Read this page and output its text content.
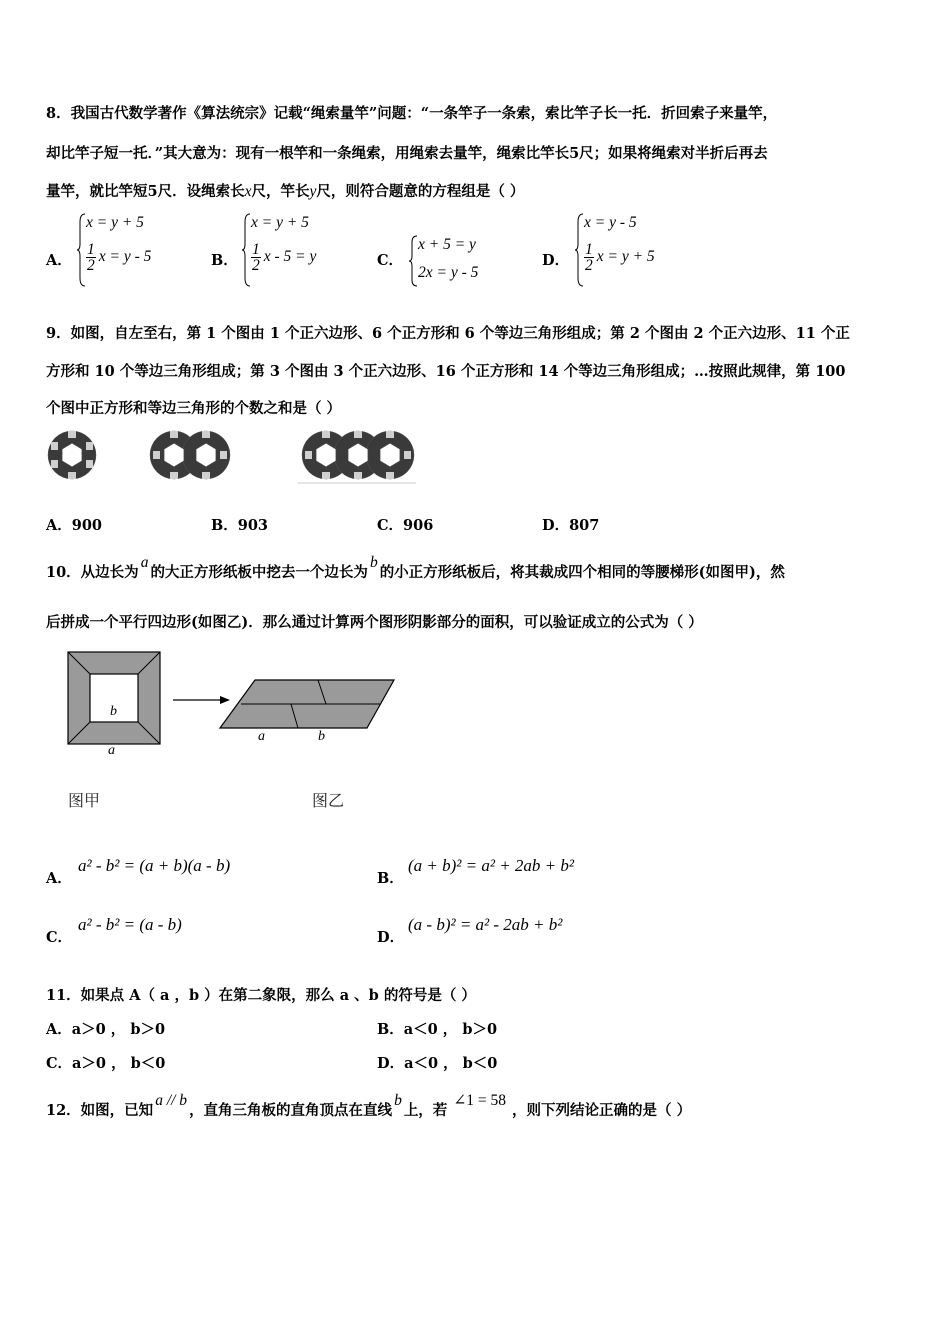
8．我国古代数学著作《算法统宗》记载“绳索量竿”问题：“一条竿子一条索，索比竿子长一托．折回索子来量竿，
却比竿子短一托．”其大意为：现有一根竿和一条绳索，用绳索去量竿，绳索比竿长5尺；如果将绳索对半折后再去
量竿，就比竿短5尺．设绳索长x尺，竿长y尺，则符合题意的方程组是（ ）
A．
x = y + 5
$\frac{1}{2}$ x = y - 5	B．
x = y + 5
$\frac{1}{2}$ x - 5 = y	C．
x + 5 = y
2x = y - 5
D．
x = y - 5
$\frac{1}{2}$ x = y + 5
9．如图，自左至右，第 1 个图由 1 个正六边形、6 个正方形和 6 个等边三角形组成；第 2 个图由 2 个正六边形、11 个正
方形和 10 个等边三角形组成；第 3 个图由 3 个正六边形、16 个正方形和 14 个等边三角形组成；…按照此规律，第 100
个图中正方形和等边三角形的个数之和是（ ）
A．900	B．903	C．906	D．807
10．从边长为a的大正方形纸板中挖去一个边长为b的小正方形纸板后，将其裁成四个相同的等腰梯形(如图甲)，然
后拼成一个平行四边形(如图乙)．那么通过计算两个图形阴影部分的面积，可以验证成立的公式为（ ）
b
a
a	b
图甲	图乙
A．
a² - b² = (a + b)(a - b)
B．
(a + b)² = a² + 2ab + b²
C．
a² - b² = (a - b)
D．
(a - b)² = a² - 2ab + b²
11．如果点 A（ a ，b ）在第二象限，那么 a 、b 的符号是（ ）
A．a＞0 ， b＞0	B．a＜0 ， b＞0
C．a＞0 ， b＜0	D．a＜0 ， b＜0
12．如图，已知a // b，直角三角板的直角顶点在直线b上，若∠1 = 58，则下列结论正确的是（ ）
